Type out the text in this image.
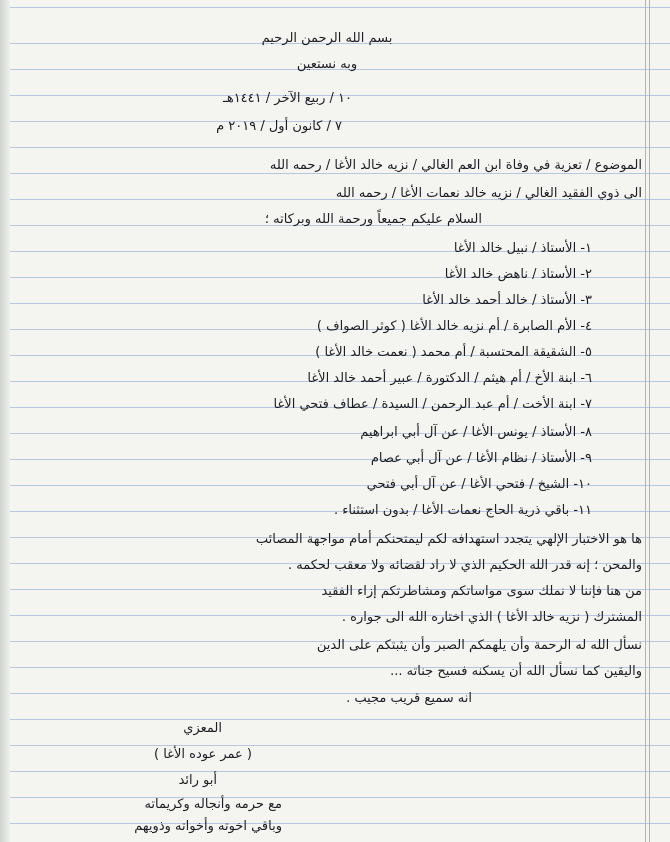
بسم الله الرحمن الرحيم
وبه نستعين
١٠ / ربيع الآخر / ١٤٤١هـ
٧ / كانون أول / ٢٠١٩ م
الموضوع / تعزية في وفاة ابن العم الغالي / نزيه خالد الأغا / رحمه الله
الى ذوي الفقيد الغالي / نزيه خالد نعمات الأغا / رحمه الله
السلام عليكم جميعاً ورحمة الله وبركاته ؛
١- الأستاذ / نبيل خالد الأغا
٢- الأستاذ / ناهض خالد الأغا
٣- الأستاذ / خالد أحمد خالد الأغا
٤- الأم الصابرة / أم نزيه خالد الأغا ( كوثر الصواف )
٥- الشقيقة المحتسبة / أم محمد ( نعمت خالد الأغا )
٦- ابنة الأخ / أم هيثم / الدكتورة / عبير أحمد خالد الأغا
٧- ابنة الأخت / أم عبد الرحمن / السيدة / عطاف فتحي الأغا
٨- الأستاذ / يونس الأغا / عن آل أبي ابراهيم
٩- الأستاذ / نظام الأغا / عن آل أبي عصام
١٠- الشيخ / فتحي الأغا / عن آل أبي فتحي
١١- باقي ذرية الحاج نعمات الأغا / بدون استثناء .
ها هو الاختبار الإلهي يتجدد استهدافه لكم ليمتحنكم أمام مواجهة المصائب
والمحن ؛ إنه قدر الله الحكيم الذي لا راد لقضائه ولا معقب لحكمه .
من هنا فإننا لا نملك سوى مواساتكم ومشاطرتكم إزاء الفقيد
المشترك ( نزيه خالد الأغا ) الذي اختاره الله الى جواره .
نسأل الله له الرحمة وأن يلهمكم الصبر وأن يثبتكم على الدين
واليقين كما نسأل الله أن يسكنه فسيح جناته ...
انه سميع قريب مجيب .
المعزي
( عمر عوده الأغا )
أبو رائد
مع حرمه وأنجاله وكريماته
وباقي اخوته وأخواته وذويهم
